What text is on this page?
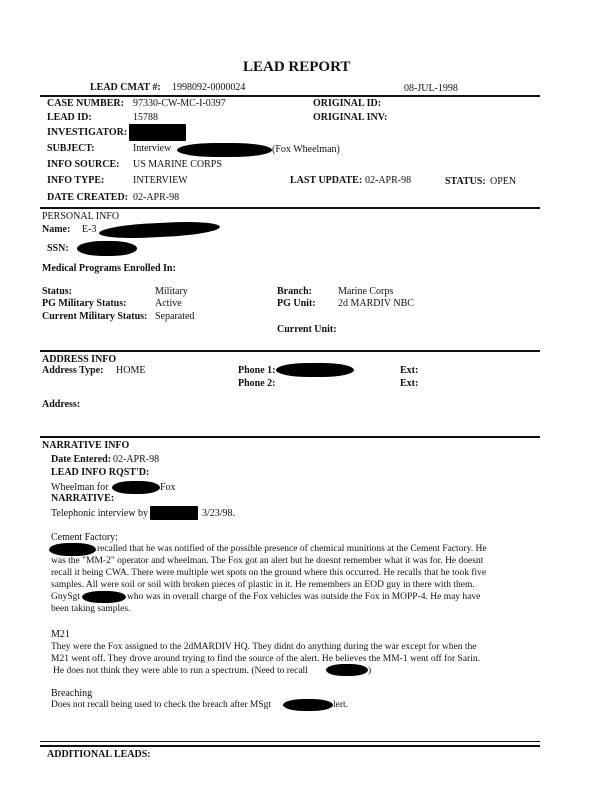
LEAD REPORT
LEAD CMAT #: 1998092-0000024	08-JUL-1998
CASE NUMBER: 97330-CW-MC-I-0397	ORIGINAL ID:
LEAD ID:	15788	ORIGINAL INV:
INVESTIGATOR:
SUBJECT:	Interview	(Fox Wheelman)
INFO SOURCE: US MARINE CORPS
INFO TYPE:	INTERVIEW	LAST UPDATE: 02-APR-98	STATUS: OPEN
DATE CREATED: 02-APR-98
PERSONAL INFO
Name: E-3
SSN:
Medical Programs Enrolled In:
Status:	Military	Branch:	Marine Corps
PG Military Status:	Active	PG Unit: 2d MARDIV NBC
Current Military Status: Separated
Current Unit:
ADDRESS INFO
Address Type: HOME	Phone 1:	Ext:
Phone 2:	Ext:
Address:
NARRATIVE INFO
Date Entered: 02-APR-98
LEAD INFO RQST'D:
Wheelman for	Fox
NARRATIVE:
Telephonic interview by	3/23/98.
Cement Factory:
recalled that he was notified of the possible presence of chemical munitions at the Cement Factory. He
was the "MM-2" operator and wheelman. The Fox got an alert but he doesnt remember what it was for. He doesnt
recall it being CWA. There were multiple wet spots on the ground where this occurred. He recalls that he took five
samples. All were soil or soil with broken pieces of plastic in it. He remembers an EOD guy in there with them.
GnySgt	who was in overall charge of the Fox vehicles was outside the Fox in MOPP-4. He may have
been taking samples.
M21
They were the Fox assigned to the 2dMARDIV HQ. They didnt do anything during the war except for when the
M21 went off. They drove around trying to find the source of the alert. He believes the MM-1 went off for Sarin.
He does not think they were able to run a spectrum. (Need to recall	)
Breaching
Does not recall being used to check the breach after MSgt	lert.
ADDITIONAL LEADS:
